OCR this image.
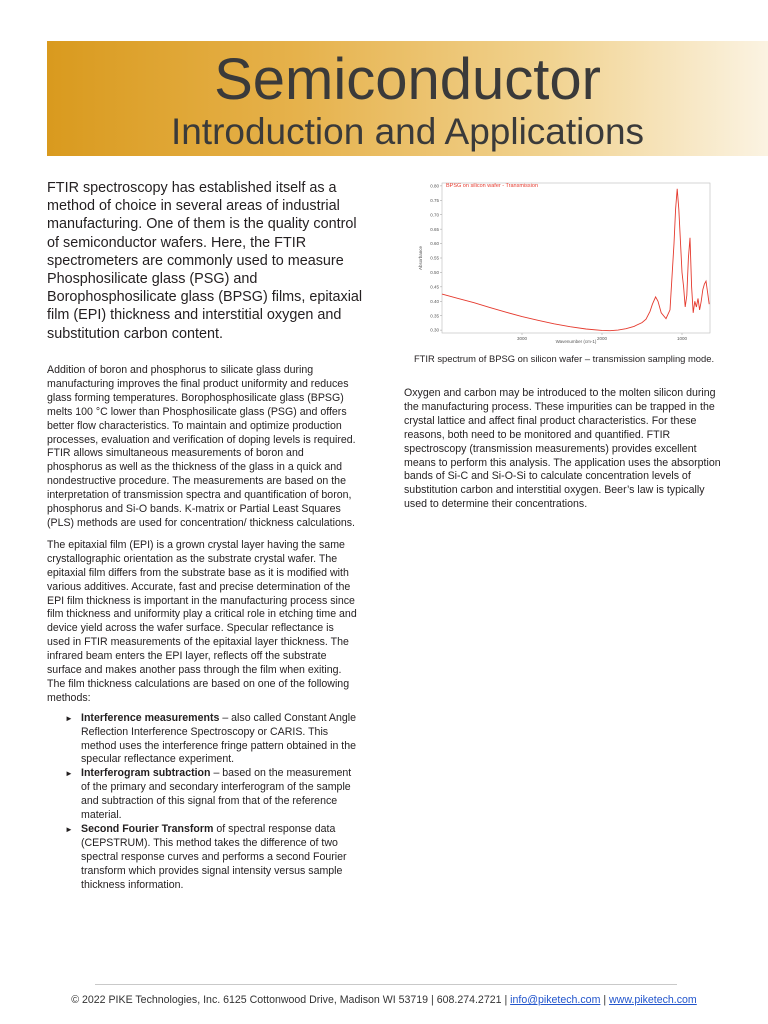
Semiconductor
Introduction and Applications

FTIR spectroscopy has established itself as a method of choice in several areas of industrial manufacturing. One of them is the quality control of semiconductor wafers. Here, the FTIR spectrometers are commonly used to measure Phosphosilicate glass (PSG) and Borophosphosilicate glass (BPSG) films, epitaxial film (EPI) thickness and interstitial oxygen and substitution carbon content.

Addition of boron and phosphorus to silicate glass during manufacturing improves the final product uniformity and reduces glass forming temperatures. Borophosphosilicate glass (BPSG) melts 100 °C lower than Phosphosilicate glass (PSG) and offers better flow characteristics. To maintain and optimize production processes, evaluation and verification of doping levels is required. FTIR allows simultaneous measurements of boron and phosphorus as well as the thickness of the glass in a quick and nondestructive procedure. The measurements are based on the interpretation of transmission spectra and quantification of boron, phosphorus and Si-O bands. K-matrix or Partial Least Squares (PLS) methods are used for concentration/ thickness calculations.

The epitaxial film (EPI) is a grown crystal layer having the same crystallographic orientation as the substrate crystal wafer. The epitaxial film differs from the substrate base as it is modified with various additives. Accurate, fast and precise determination of the EPI film thickness is important in the manufacturing process since film thickness and uniformity play a critical role in etching time and device yield across the wafer surface. Specular reflectance is used in FTIR measurements of the epitaxial layer thickness. The infrared beam enters the EPI layer, reflects off the substrate surface and makes another pass through the film when exiting. The film thickness calculations are based on one of the following methods:

► Interference measurements – also called Constant Angle Reflection Interference Spectroscopy or CARIS. This method uses the interference fringe pattern obtained in the specular reflectance experiment.
► Interferogram subtraction – based on the measurement of the primary and secondary interferogram of the sample and subtraction of this signal from that of the reference material.
► Second Fourier Transform of spectral response data (CEPSTRUM). This method takes the difference of two spectral response curves and performs a second Fourier transform which provides signal intensity versus sample thickness information.
0.80
0.75
0.70
0.65
0.60
0.55
0.50
0.45
0.40
0.35
0.30
3000	2000	1000
BPSG on silicon wafer - Transmission
Absorbance
Wavenumber (cm-1)
FTIR spectrum of BPSG on silicon wafer – transmission sampling mode.

Oxygen and carbon may be introduced to the molten silicon during the manufacturing process. These impurities can be trapped in the crystal lattice and affect final product characteristics. For these reasons, both need to be monitored and quantified. FTIR spectroscopy (transmission measurements) provides excellent means to perform this analysis. The application uses the absorption bands of Si-C and Si-O-Si to calculate concentration levels of substitution carbon and interstitial oxygen. Beer’s law is typically used to determine their concentrations.

© 2022 PIKE Technologies, Inc. 6125 Cottonwood Drive, Madison WI 53719 | 608.274.2721 | info@piketech.com | www.piketech.com
